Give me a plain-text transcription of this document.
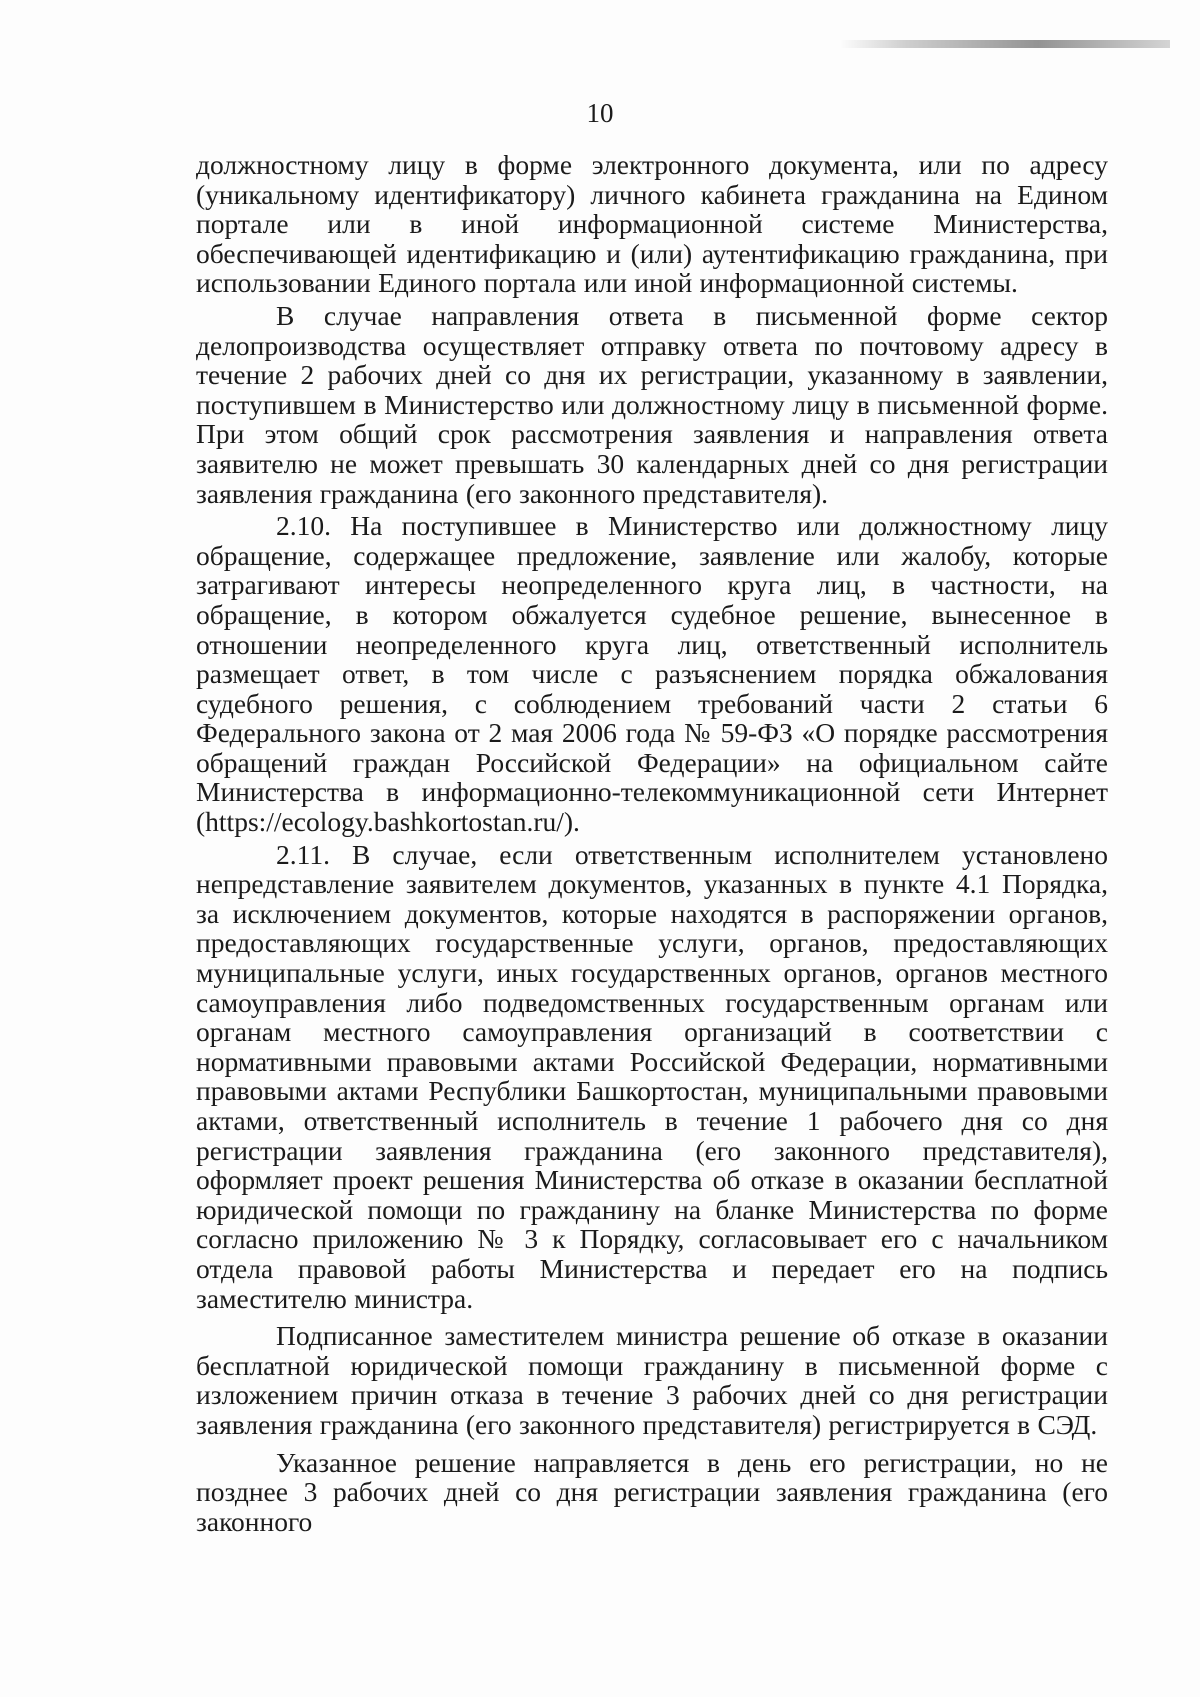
10

должностному лицу в форме электронного документа, или по адресу (уникальному идентификатору) личного кабинета гражданина на Едином портале или в иной информационной системе Министерства, обеспечивающей идентификацию и (или) аутентификацию гражданина, при использовании Единого портала или иной информационной системы.

В случае направления ответа в письменной форме сектор делопроизводства осуществляет отправку ответа по почтовому адресу в течение 2 рабочих дней со дня их регистрации, указанному в заявлении, поступившем в Министерство или должностному лицу в письменной форме. При этом общий срок рассмотрения заявления и направления ответа заявителю не может превышать 30 календарных дней со дня регистрации заявления гражданина (его законного представителя).

2.10. На поступившее в Министерство или должностному лицу обращение, содержащее предложение, заявление или жалобу, которые затрагивают интересы неопределенного круга лиц, в частности, на обращение, в котором обжалуется судебное решение, вынесенное в отношении неопределенного круга лиц, ответственный исполнитель размещает ответ, в том числе с разъяснением порядка обжалования судебного решения, с соблюдением требований части 2 статьи 6 Федерального закона от 2 мая 2006 года № 59-ФЗ «О порядке рассмотрения обращений граждан Российской Федерации» на официальном сайте Министерства в информационно-телекоммуникационной сети Интернет (https://ecology.bashkortostan.ru/).

2.11. В случае, если ответственным исполнителем установлено непредставление заявителем документов, указанных в пункте 4.1 Порядка, за исключением документов, которые находятся в распоряжении органов, предоставляющих государственные услуги, органов, предоставляющих муниципальные услуги, иных государственных органов, органов местного самоуправления либо подведомственных государственным органам или органам местного самоуправления организаций в соответствии с нормативными правовыми актами Российской Федерации, нормативными правовыми актами Республики Башкортостан, муниципальными правовыми актами, ответственный исполнитель в течение 1 рабочего дня со дня регистрации заявления гражданина (его законного представителя), оформляет проект решения Министерства об отказе в оказании бесплатной юридической помощи по гражданину на бланке Министерства по форме согласно приложению № 3 к Порядку, согласовывает его с начальником отдела правовой работы Министерства и передает его на подпись заместителю министра.

Подписанное заместителем министра решение об отказе в оказании бесплатной юридической помощи гражданину в письменной форме с изложением причин отказа в течение 3 рабочих дней со дня регистрации заявления гражданина (его законного представителя) регистрируется в СЭД.

Указанное решение направляется в день его регистрации, но не позднее 3 рабочих дней со дня регистрации заявления гражданина (его законного
